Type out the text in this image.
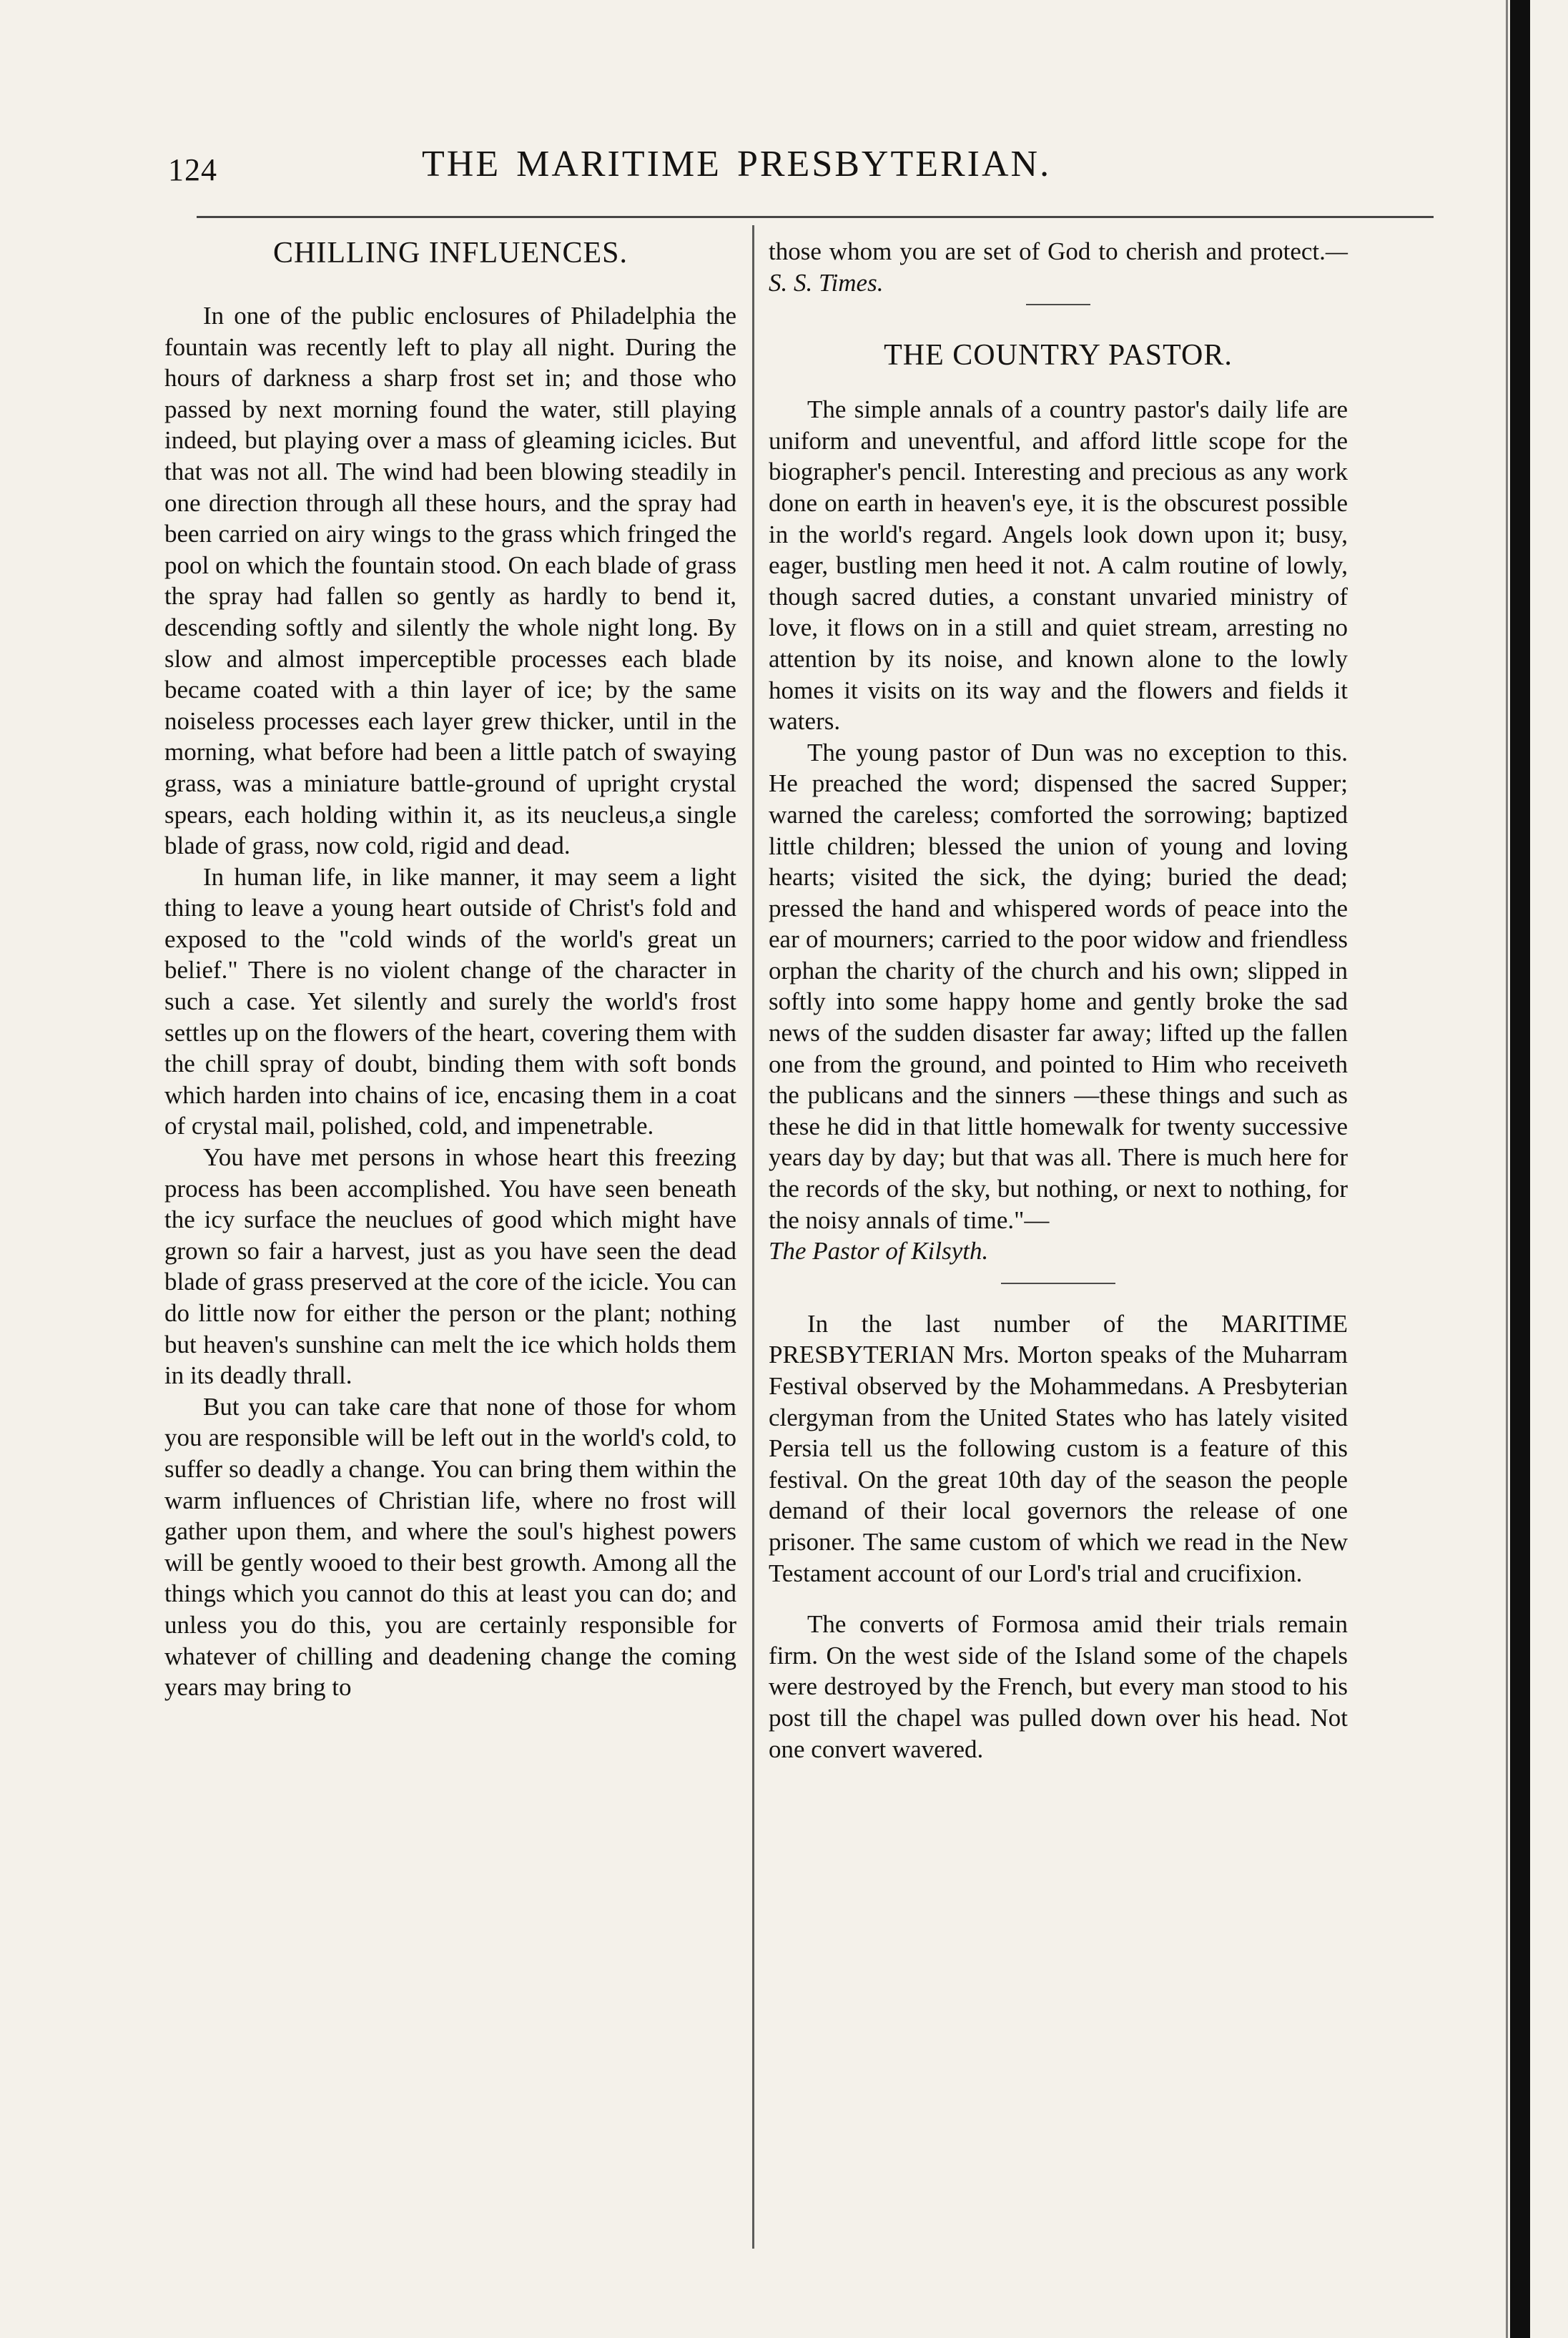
124	THE MARITIME PRESBYTERIAN.
CHILLING INFLUENCES.

In one of the public enclosures of Philadelphia the fountain was recently left to play all night. During the hours of darkness a sharp frost set in; and those who passed by next morning found the water, still playing indeed, but playing over a mass of gleaming icicles. But that was not all. The wind had been blowing steadily in one direction through all these hours, and the spray had been carried on airy wings to the grass which fringed the pool on which the fountain stood. On each blade of grass the spray had fallen so gently as hardly to bend it, descending softly and silently the whole night long. By slow and almost imperceptible processes each blade became coated with a thin layer of ice; by the same noiseless processes each layer grew thicker, until in the morning, what before had been a little patch of swaying grass, was a miniature battle-ground of upright crystal spears, each holding within it, as its neucleus,a single blade of grass, now cold, rigid and dead.

In human life, in like manner, it may seem a light thing to leave a young heart outside of Christ's fold and exposed to the "cold winds of the world's great un belief." There is no violent change of the character in such a case. Yet silently and surely the world's frost settles up on the flowers of the heart, covering them with the chill spray of doubt, binding them with soft bonds which harden into chains of ice, encasing them in a coat of crystal mail, polished, cold, and impenetrable.

You have met persons in whose heart this freezing process has been accomplished. You have seen beneath the icy surface the neuclues of good which might have grown so fair a harvest, just as you have seen the dead blade of grass preserved at the core of the icicle. You can do little now for either the person or the plant; nothing but heaven's sunshine can melt the ice which holds them in its deadly thrall.

But you can take care that none of those for whom you are responsible will be left out in the world's cold, to suffer so deadly a change. You can bring them within the warm influences of Christian life, where no frost will gather upon them, and where the soul's highest powers will be gently wooed to their best growth. Among all the things which you cannot do this at least you can do; and unless you do this, you are certainly responsible for whatever of chilling and deadening change the coming years may bring to

those whom you are set of God to cherish and protect.—S. S. Times.

THE COUNTRY PASTOR.

The simple annals of a country pastor's daily life are uniform and uneventful, and afford little scope for the biographer's pencil. Interesting and precious as any work done on earth in heaven's eye, it is the obscurest possible in the world's regard. Angels look down upon it; busy, eager, bustling men heed it not. A calm routine of lowly, though sacred duties, a constant unvaried ministry of love, it flows on in a still and quiet stream, arresting no attention by its noise, and known alone to the lowly homes it visits on its way and the flowers and fields it waters.

The young pastor of Dun was no exception to this. He preached the word; dispensed the sacred Supper; warned the careless; comforted the sorrowing; baptized little children; blessed the union of young and loving hearts; visited the sick, the dying; buried the dead; pressed the hand and whispered words of peace into the ear of mourners; carried to the poor widow and friendless orphan the charity of the church and his own; slipped in softly into some happy home and gently broke the sad news of the sudden disaster far away; lifted up the fallen one from the ground, and pointed to Him who receiveth the publicans and the sinners —these things and such as these he did in that little homewalk for twenty successive years day by day; but that was all. There is much here for the records of the sky, but nothing, or next to nothing, for the noisy annals of time."—

The Pastor of Kilsyth.

In the last number of the MARITIME PRESBYTERIAN Mrs. Morton speaks of the Muharram Festival observed by the Mohammedans. A Presbyterian clergyman from the United States who has lately visited Persia tell us the following custom is a feature of this festival. On the great 10th day of the season the people demand of their local governors the release of one prisoner. The same custom of which we read in the New Testament account of our Lord's trial and crucifixion.

The converts of Formosa amid their trials remain firm. On the west side of the Island some of the chapels were destroyed by the French, but every man stood to his post till the chapel was pulled down over his head. Not one convert wavered.
